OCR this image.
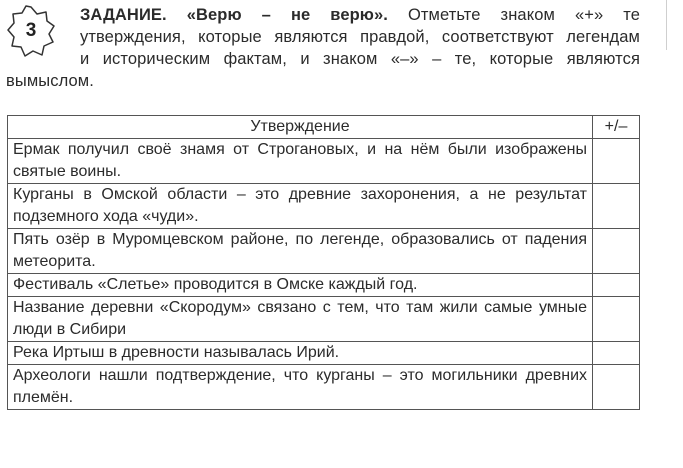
ЗАДАНИЕ. «Верю – не верю». Отметьте знаком «+» те
утверждения, которые являются правдой, соответствуют легендам
и историческим фактам, и знаком «–» – те, которые являются
вымыслом.
3
Утверждение	+/–
Ермак получил своё знамя от Строгановых, и на нём были изображены святые воины.	
Курганы в Омской области – это древние захоронения, а не результат подземного хода «чуди».	
Пять озёр в Муромцевском районе, по легенде, образовались от падения метеорита.	
Фестиваль «Слетье» проводится в Омске каждый год.	
Название деревни «Скородум» связано с тем, что там жили самые умные люди в Сибири	
Река Иртыш в древности называлась Ирий.	
Археологи нашли подтверждение, что курганы – это могильники древних племён.	
